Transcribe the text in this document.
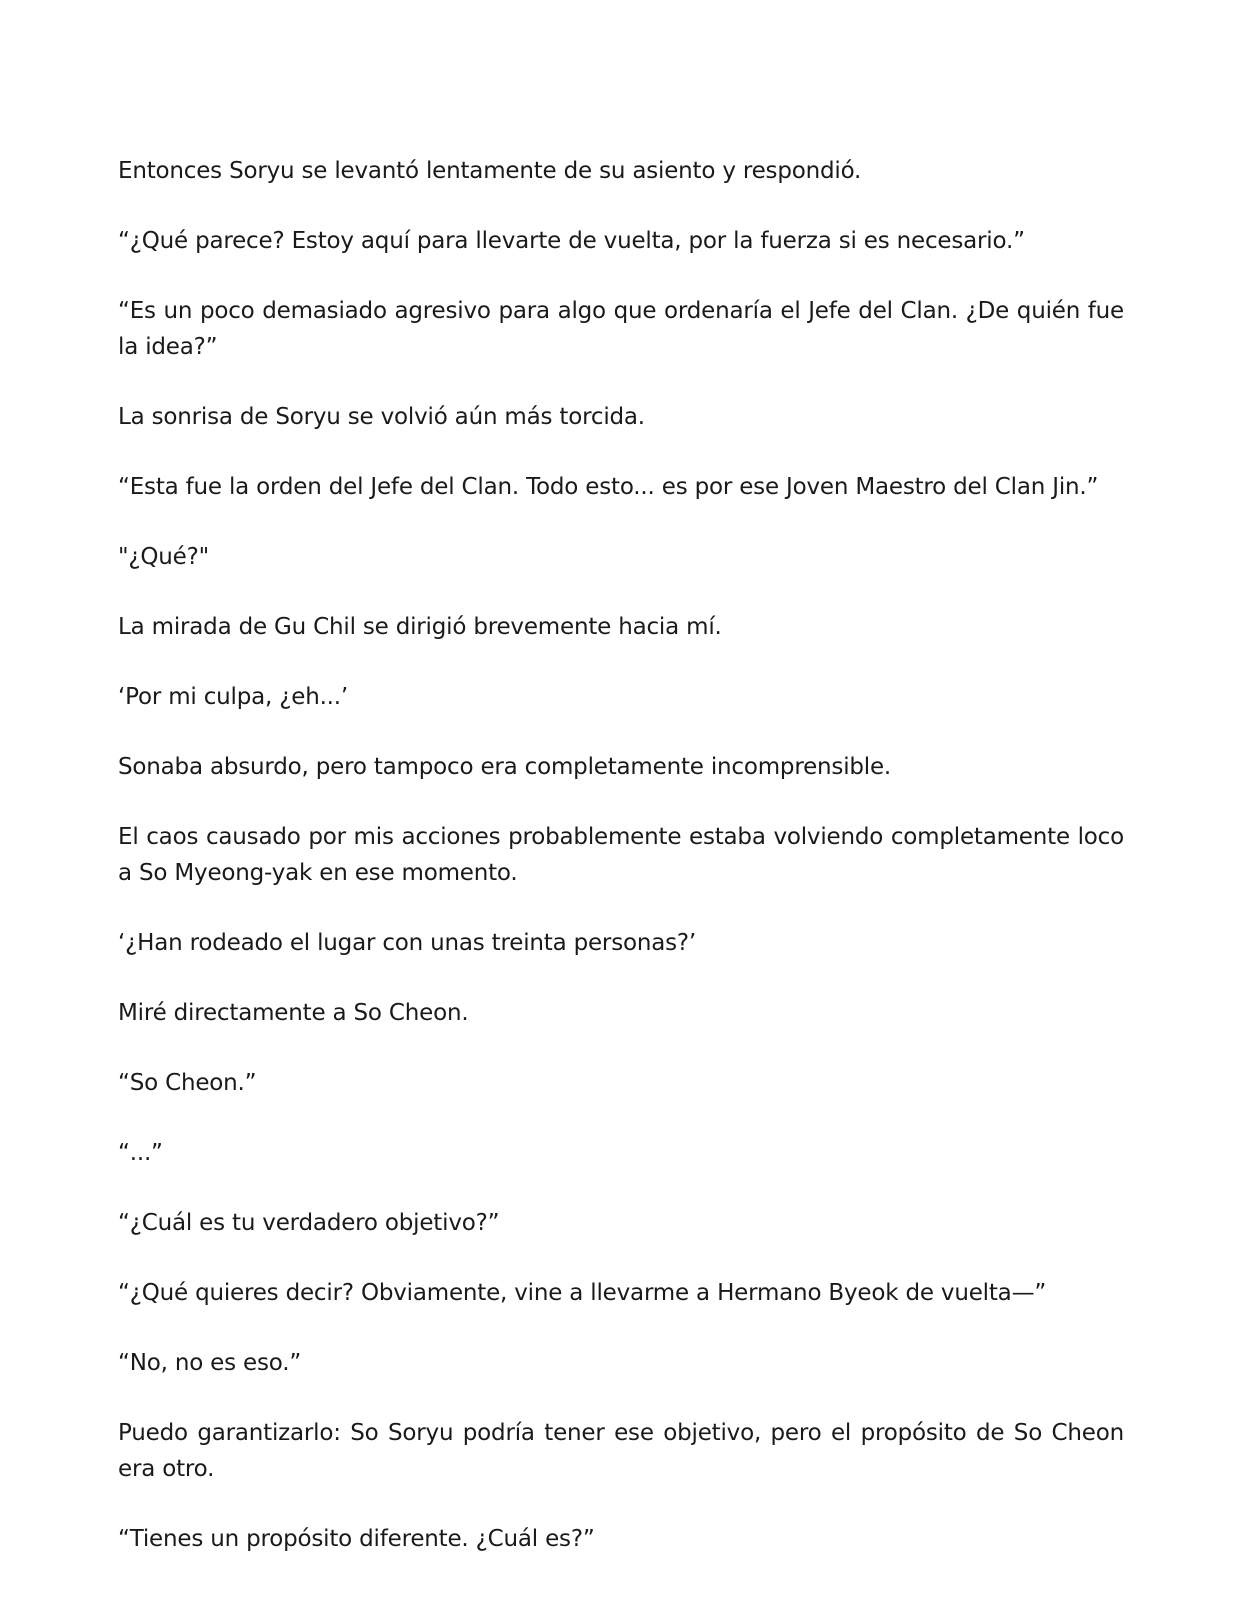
Entonces Soryu se levantó lentamente de su asiento y respondió.

“¿Qué parece? Estoy aquí para llevarte de vuelta, por la fuerza si es necesario.”

“Es un poco demasiado agresivo para algo que ordenaría el Jefe del Clan. ¿De quién fue la idea?”

La sonrisa de Soryu se volvió aún más torcida.

“Esta fue la orden del Jefe del Clan. Todo esto... es por ese Joven Maestro del Clan Jin.”

"¿Qué?"

La mirada de Gu Chil se dirigió brevemente hacia mí.

‘Por mi culpa, ¿eh...’

Sonaba absurdo, pero tampoco era completamente incomprensible.

El caos causado por mis acciones probablemente estaba volviendo completamente loco a So Myeong-yak en ese momento.

‘¿Han rodeado el lugar con unas treinta personas?’

Miré directamente a So Cheon.

“So Cheon.”

“...”

“¿Cuál es tu verdadero objetivo?”

“¿Qué quieres decir? Obviamente, vine a llevarme a Hermano Byeok de vuelta—”

“No, no es eso.”

Puedo garantizarlo: So Soryu podría tener ese objetivo, pero el propósito de So Cheon era otro.

“Tienes un propósito diferente. ¿Cuál es?”
